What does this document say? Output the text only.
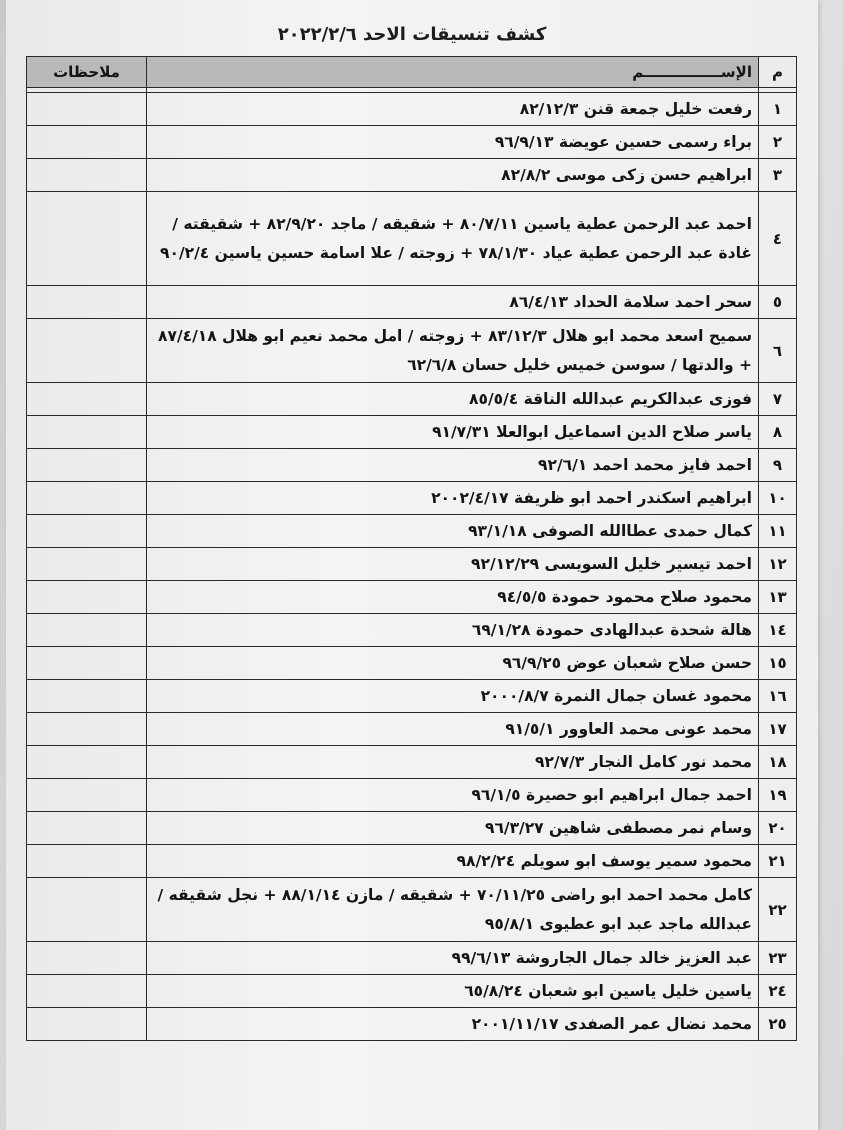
كشف تنسيقات الاحد ٢٠٢٢/٢/٦
م	الإســـــــــــــــم	ملاحظات

١	رفعت خليل جمعة قنن ٨٢/١٢/٣	
٢	براء رسمى حسين عويضة ٩٦/٩/١٣	
٣	ابراهيم حسن زكى موسى ٨٢/٨/٢	
٤	احمد عبد الرحمن عطية ياسين ٨٠/٧/١١ + شقيقه / ماجد ٨٢/٩/٢٠ + شقيقته / غادة عبد الرحمن عطية عياد ٧٨/١/٣٠ + زوجته / علا اسامة حسين ياسين ٩٠/٢/٤	
٥	سحر احمد سلامة الحداد ٨٦/٤/١٣	
٦	سميح اسعد محمد ابو هلال ٨٣/١٢/٣ + زوجته / امل محمد نعيم ابو هلال ٨٧/٤/١٨ + والدتها / سوسن خميس خليل حسان ٦٢/٦/٨	
٧	فوزى عبدالكريم عبدالله الناقة ٨٥/٥/٤	
٨	ياسر صلاح الدين اسماعيل ابوالعلا ٩١/٧/٣١	
٩	احمد فايز محمد احمد ٩٢/٦/١	
١٠	ابراهيم اسكندر احمد ابو ظريفة ٢٠٠٢/٤/١٧	
١١	كمال حمدى عطاالله الصوفى ٩٣/١/١٨	
١٢	احمد تيسير خليل السويسى ٩٢/١٢/٢٩	
١٣	محمود صلاح محمود حمودة ٩٤/٥/٥	
١٤	هالة شحدة عبدالهادى حمودة ٦٩/١/٢٨	
١٥	حسن صلاح شعبان عوض ٩٦/٩/٢٥	
١٦	محمود غسان جمال النمرة ٢٠٠٠/٨/٧	
١٧	محمد عونى محمد العاوور ٩١/٥/١	
١٨	محمد نور كامل النجار ٩٢/٧/٣	
١٩	احمد جمال ابراهيم ابو حصيرة ٩٦/١/٥	
٢٠	وسام نمر مصطفى شاهين ٩٦/٣/٢٧	
٢١	محمود سمير يوسف ابو سويلم ٩٨/٢/٢٤	
٢٢	كامل محمد احمد ابو راضى ٧٠/١١/٢٥ + شقيقه / مازن ٨٨/١/١٤ + نجل شقيقه / عبدالله ماجد عبد ابو عطيوى ٩٥/٨/١	
٢٣	عبد العزيز خالد جمال الجاروشة ٩٩/٦/١٣	
٢٤	ياسين خليل ياسين ابو شعبان ٦٥/٨/٢٤	
٢٥	محمد نضال عمر الصفدى ٢٠٠١/١١/١٧	
